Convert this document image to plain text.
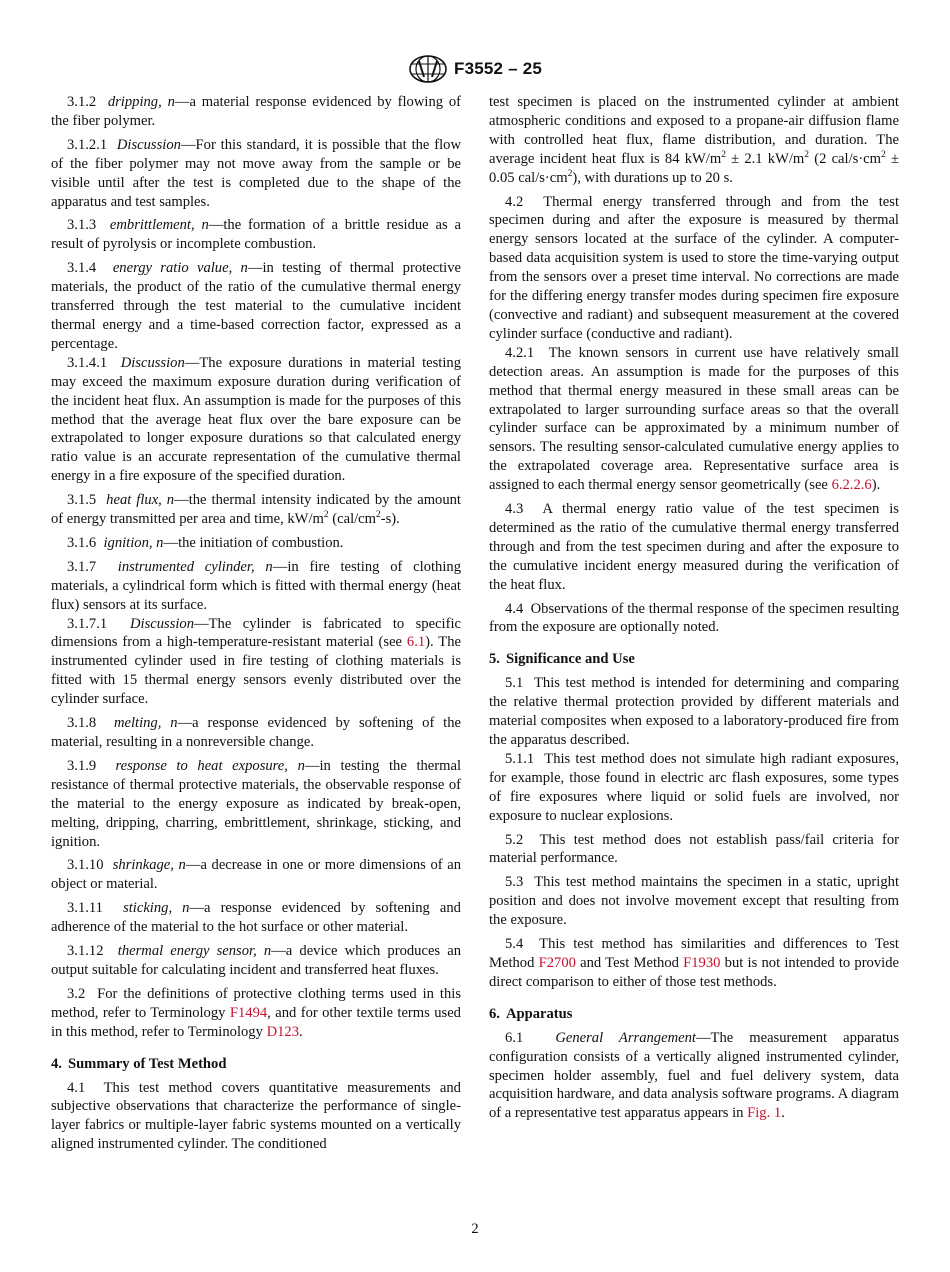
F3552 – 25

3.1.2 dripping, n—a material response evidenced by flowing of the fiber polymer.

3.1.2.1 Discussion—For this standard, it is possible that the flow of the fiber polymer may not move away from the sample or be visible until after the test is completed due to the shape of the apparatus and test samples.

3.1.3 embrittlement, n—the formation of a brittle residue as a result of pyrolysis or incomplete combustion.

3.1.4 energy ratio value, n—in testing of thermal protective materials, the product of the ratio of the cumulative thermal energy transferred through the test material to the cumulative incident thermal energy and a time-based correction factor, expressed as a percentage.

3.1.4.1 Discussion—The exposure durations in material testing may exceed the maximum exposure duration during verification of the incident heat flux. An assumption is made for the purposes of this method that the average heat flux over the bare exposure can be extrapolated to longer exposure durations so that calculated energy ratio value is an accurate representation of the cumulative thermal energy in a fire exposure of the specified duration.

3.1.5 heat flux, n—the thermal intensity indicated by the amount of energy transmitted per area and time, $kW/m^2$ $(cal/cm^2-s)$.

3.1.6 ignition, n—the initiation of combustion.

3.1.7 instrumented cylinder, n—in fire testing of clothing materials, a cylindrical form which is fitted with thermal energy (heat flux) sensors at its surface.

3.1.7.1 Discussion—The cylinder is fabricated to specific dimensions from a high-temperature-resistant material (see 6.1). The instrumented cylinder used in fire testing of clothing materials is fitted with 15 thermal energy sensors evenly distributed over the cylinder surface.

3.1.8 melting, n—a response evidenced by softening of the material, resulting in a nonreversible change.

3.1.9 response to heat exposure, n—in testing the thermal resistance of thermal protective materials, the observable response of the material to the energy exposure as indicated by break-open, melting, dripping, charring, embrittlement, shrinkage, sticking, and ignition.

3.1.10 shrinkage, n—a decrease in one or more dimensions of an object or material.

3.1.11 sticking, n—a response evidenced by softening and adherence of the material to the hot surface or other material.

3.1.12 thermal energy sensor, n—a device which produces an output suitable for calculating incident and transferred heat fluxes.

3.2 For the definitions of protective clothing terms used in this method, refer to Terminology F1494, and for other textile terms used in this method, refer to Terminology D123.

4. Summary of Test Method

4.1 This test method covers quantitative measurements and subjective observations that characterize the performance of single-layer fabrics or multiple-layer fabric systems mounted on a vertically aligned instrumented cylinder. The conditioned

test specimen is placed on the instrumented cylinder at ambient atmospheric conditions and exposed to a propane-air diffusion flame with controlled heat flux, flame distribution, and duration. The average incident heat flux is 84 $kW/m^2 \pm 2.1$ $kW/m^2$ (2 cal/$s\cdot cm^2 \pm 0.05$ cal/$s\cdot cm^2$), with durations up to 20 s.

4.2 Thermal energy transferred through and from the test specimen during and after the exposure is measured by thermal energy sensors located at the surface of the cylinder. A computer-based data acquisition system is used to store the time-varying output from the sensors over a preset time interval. No corrections are made for the differing energy transfer modes during specimen fire exposure (convective and radiant) and subsequent measurement at the covered cylinder surface (conductive and radiant).

4.2.1 The known sensors in current use have relatively small detection areas. An assumption is made for the purposes of this method that thermal energy measured in these small areas can be extrapolated to larger surrounding surface areas so that the overall cylinder surface can be approximated by a minimum number of sensors. The resulting sensor-calculated cumulative energy applies to the extrapolated coverage area. Representative surface area is assigned to each thermal energy sensor geometrically (see 6.2.2.6).

4.3 A thermal energy ratio value of the test specimen is determined as the ratio of the cumulative thermal energy transferred through and from the test specimen during and after the exposure to the cumulative incident energy measured during the verification of the heat flux.

4.4 Observations of the thermal response of the specimen resulting from the exposure are optionally noted.

5. Significance and Use

5.1 This test method is intended for determining and comparing the relative thermal protection provided by different materials and material composites when exposed to a laboratory-produced fire from the apparatus described.

5.1.1 This test method does not simulate high radiant exposures, for example, those found in electric arc flash exposures, some types of fire exposures where liquid or solid fuels are involved, nor exposure to nuclear explosions.

5.2 This test method does not establish pass/fail criteria for material performance.

5.3 This test method maintains the specimen in a static, upright position and does not involve movement except that resulting from the exposure.

5.4 This test method has similarities and differences to Test Method F2700 and Test Method F1930 but is not intended to provide direct comparison to either of those test methods.

6. Apparatus

6.1 General Arrangement—The measurement apparatus configuration consists of a vertically aligned instrumented cylinder, specimen holder assembly, fuel and fuel delivery system, data acquisition hardware, and data analysis software programs. A diagram of a representative test apparatus appears in Fig. 1.

2
